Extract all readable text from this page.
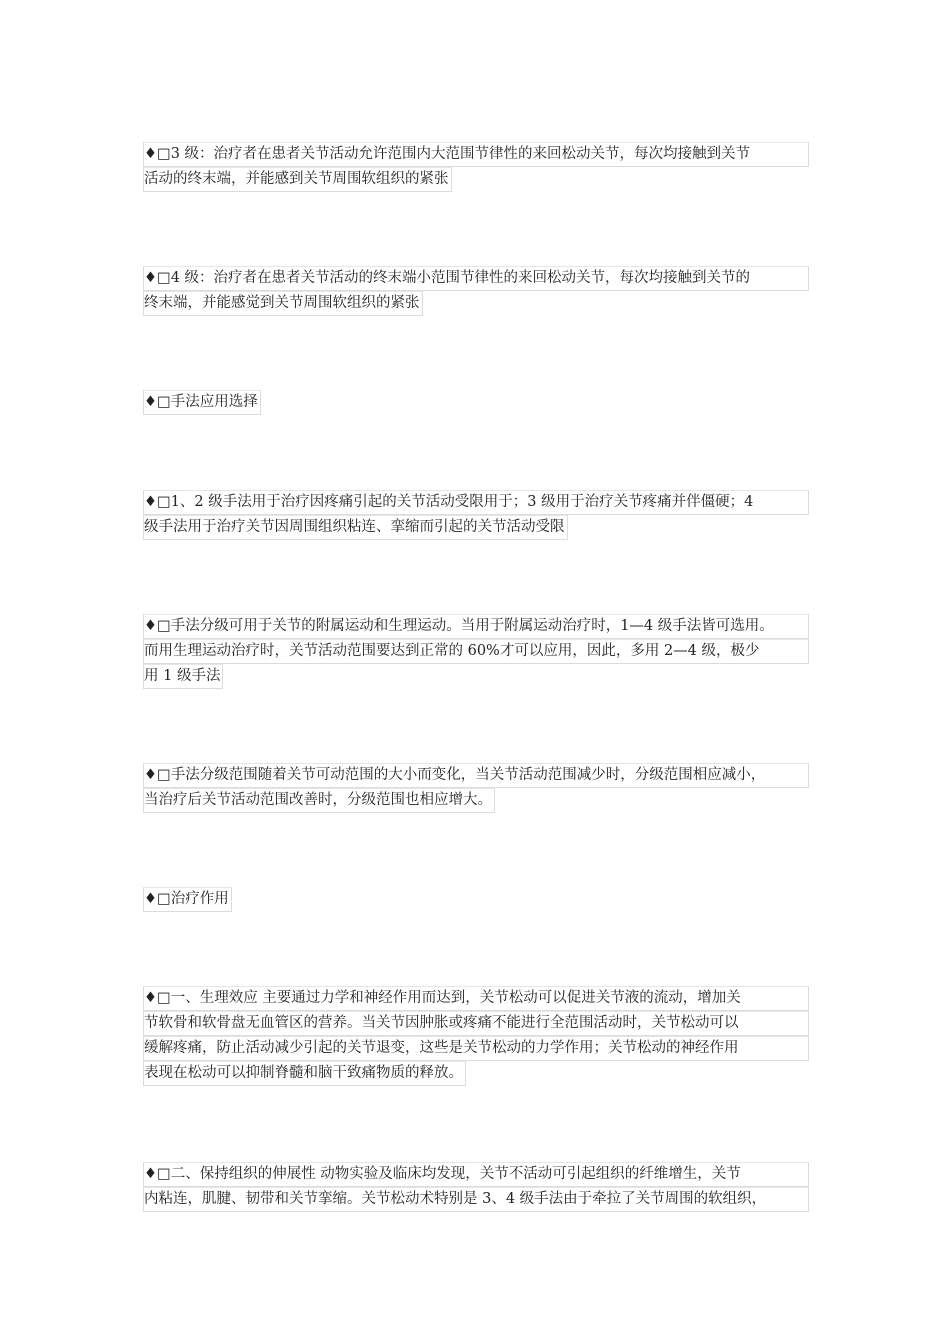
♦□3 级：治疗者在患者关节活动允许范围内大范围节律性的来回松动关节，每次均接触到关节
活动的终末端，并能感到关节周围软组织的紧张
♦□4 级：治疗者在患者关节活动的终末端小范围节律性的来回松动关节，每次均接触到关节的
终末端，并能感觉到关节周围软组织的紧张
♦□手法应用选择
♦□1、2 级手法用于治疗因疼痛引起的关节活动受限用于；3 级用于治疗关节疼痛并伴僵硬；4
级手法用于治疗关节因周围组织粘连、挛缩而引起的关节活动受限
♦□手法分级可用于关节的附属运动和生理运动。当用于附属运动治疗时，1—4 级手法皆可选用。
而用生理运动治疗时，关节活动范围要达到正常的 60%才可以应用，因此，多用 2—4 级，极少
用 1 级手法
♦□手法分级范围随着关节可动范围的大小而变化，当关节活动范围减少时，分级范围相应减小，
当治疗后关节活动范围改善时，分级范围也相应增大。
♦□治疗作用
♦□一、生理效应 主要通过力学和神经作用而达到，关节松动可以促进关节液的流动，增加关
节软骨和软骨盘无血管区的营养。当关节因肿胀或疼痛不能进行全范围活动时，关节松动可以
缓解疼痛，防止活动减少引起的关节退变，这些是关节松动的力学作用；关节松动的神经作用
表现在松动可以抑制脊髓和脑干致痛物质的释放。
♦□二、保持组织的伸展性 动物实验及临床均发现，关节不活动可引起组织的纤维增生，关节
内粘连，肌腱、韧带和关节挛缩。关节松动术特别是 3、4 级手法由于牵拉了关节周围的软组织，
